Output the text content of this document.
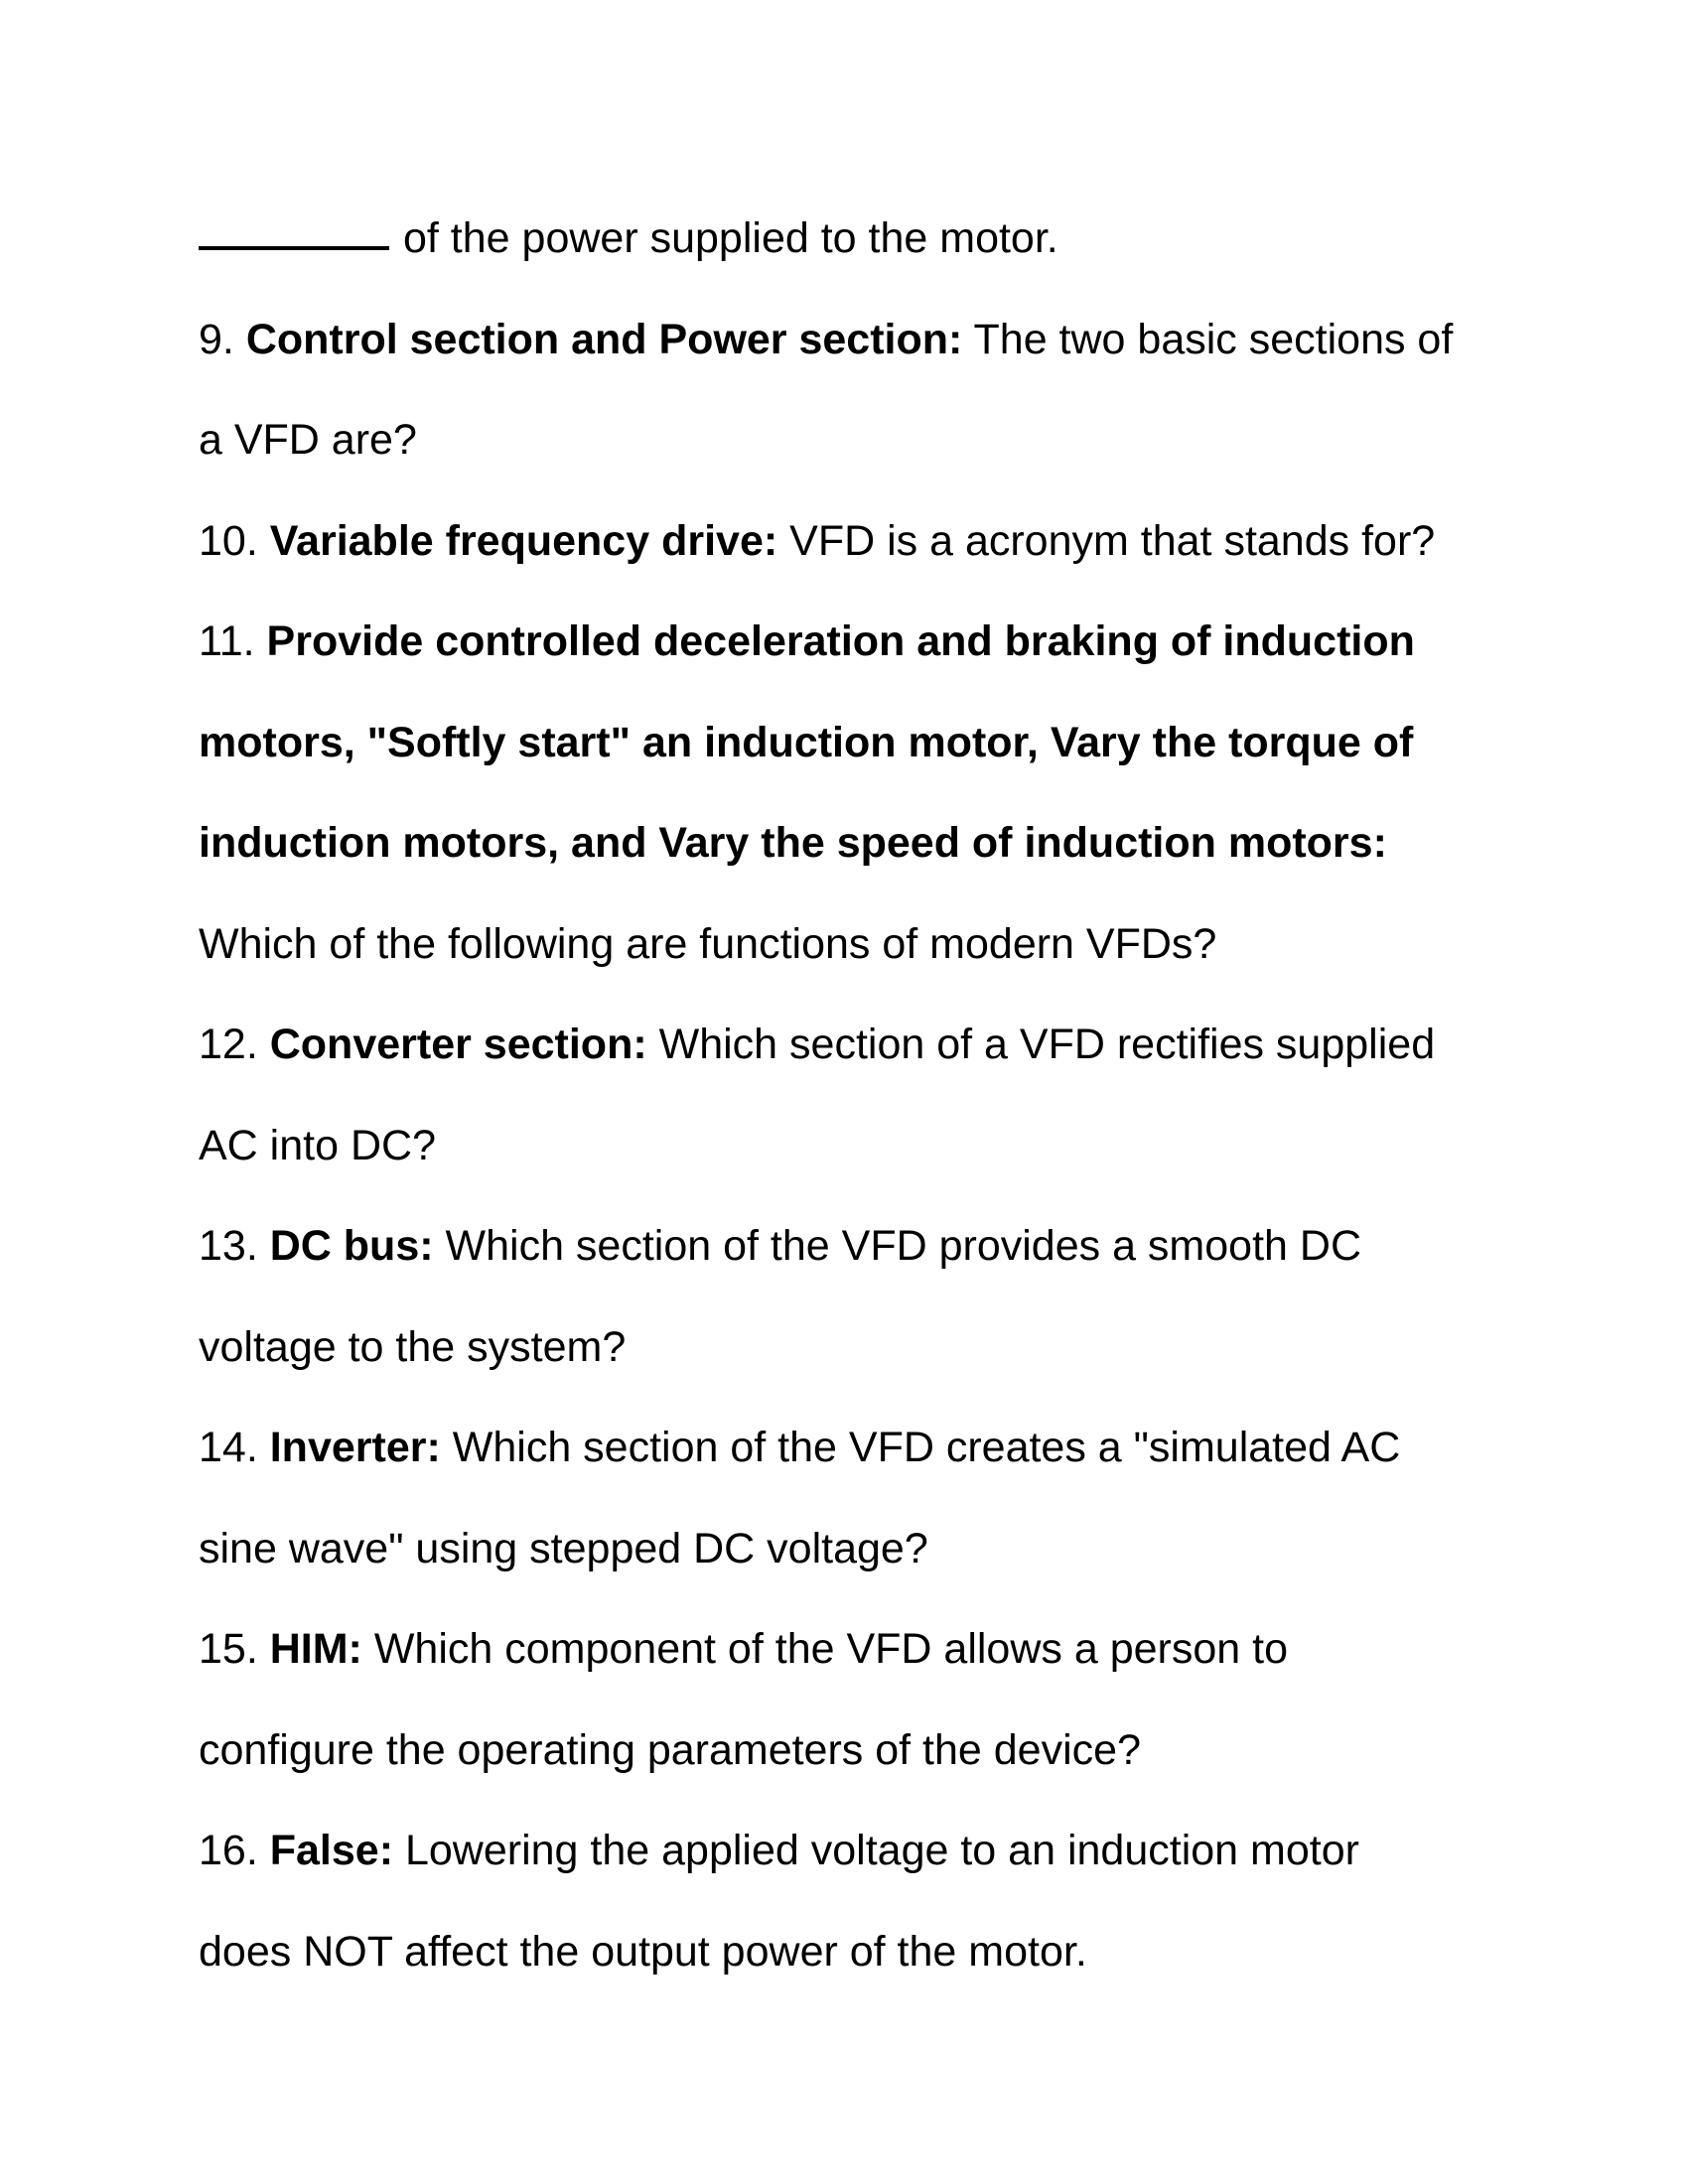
of the power supplied to the motor.
9. Control section and Power section: The two basic sections of
a VFD are?
10. Variable frequency drive: VFD is a acronym that stands for?
11. Provide controlled deceleration and braking of induction
motors, "Softly start" an induction motor, Vary the torque of
induction motors, and Vary the speed of induction motors:
Which of the following are functions of modern VFDs?
12. Converter section: Which section of a VFD rectifies supplied
AC into DC?
13. DC bus: Which section of the VFD provides a smooth DC
voltage to the system?
14. Inverter: Which section of the VFD creates a "simulated AC
sine wave" using stepped DC voltage?
15. HIM: Which component of the VFD allows a person to
configure the operating parameters of the device?
16. False: Lowering the applied voltage to an induction motor
does NOT affect the output power of the motor.
